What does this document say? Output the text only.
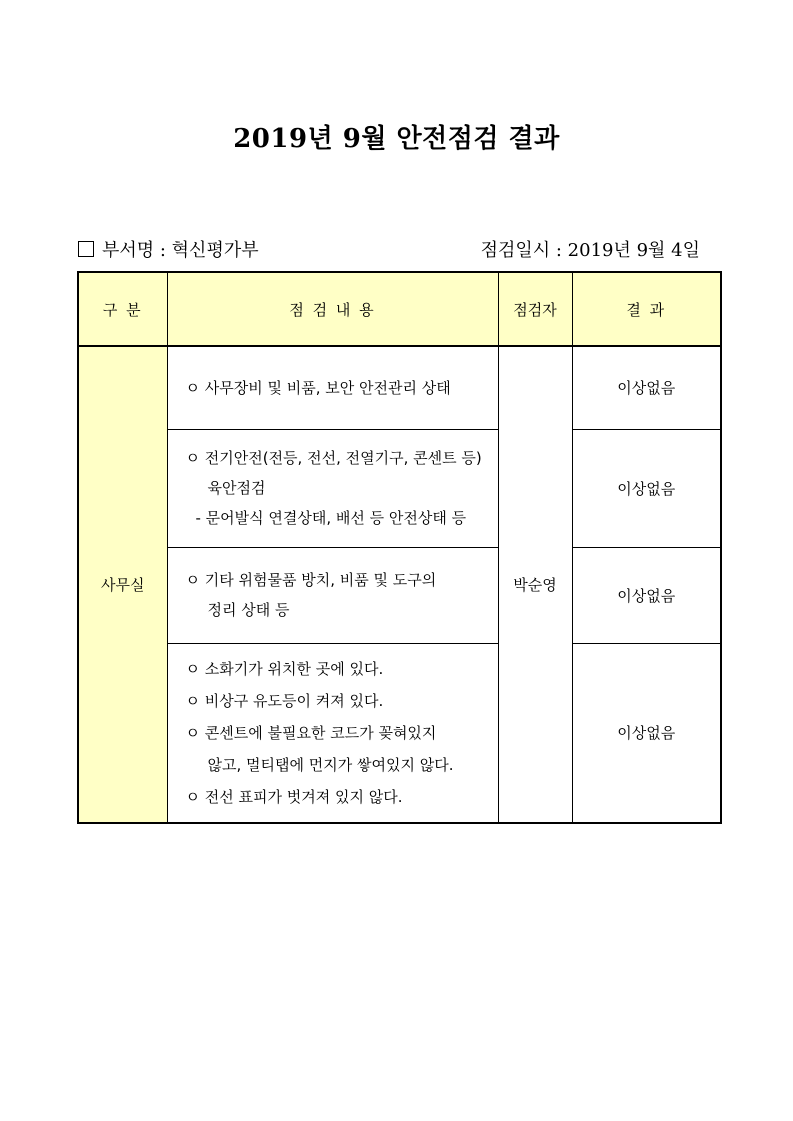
2019년 9월 안전점검 결과
부서명 : 혁신평가부	점검일시 : 2019년 9월 4일
구 분	점 검 내 용	점검자	결 과
사무실	ㅇ 사무장비 및 비품, 보안 안전관리 상태	박순영	이상없음

	ㅇ 전기안전(전등, 전선, 전열기구, 콘센트 등)
육안점검
- 문어발식 연결상태, 배선 등 안전상태 등		이상없음

	ㅇ 기타 위험물품 방치, 비품 및 도구의
정리 상태 등		이상없음

	ㅇ 소화기가 위치한 곳에 있다.
ㅇ 비상구 유도등이 켜져 있다.
ㅇ 콘센트에 불필요한 코드가 꽂혀있지
않고, 멀티탭에 먼지가 쌓여있지 않다.
ㅇ 전선 표피가 벗겨져 있지 않다.		이상없음
